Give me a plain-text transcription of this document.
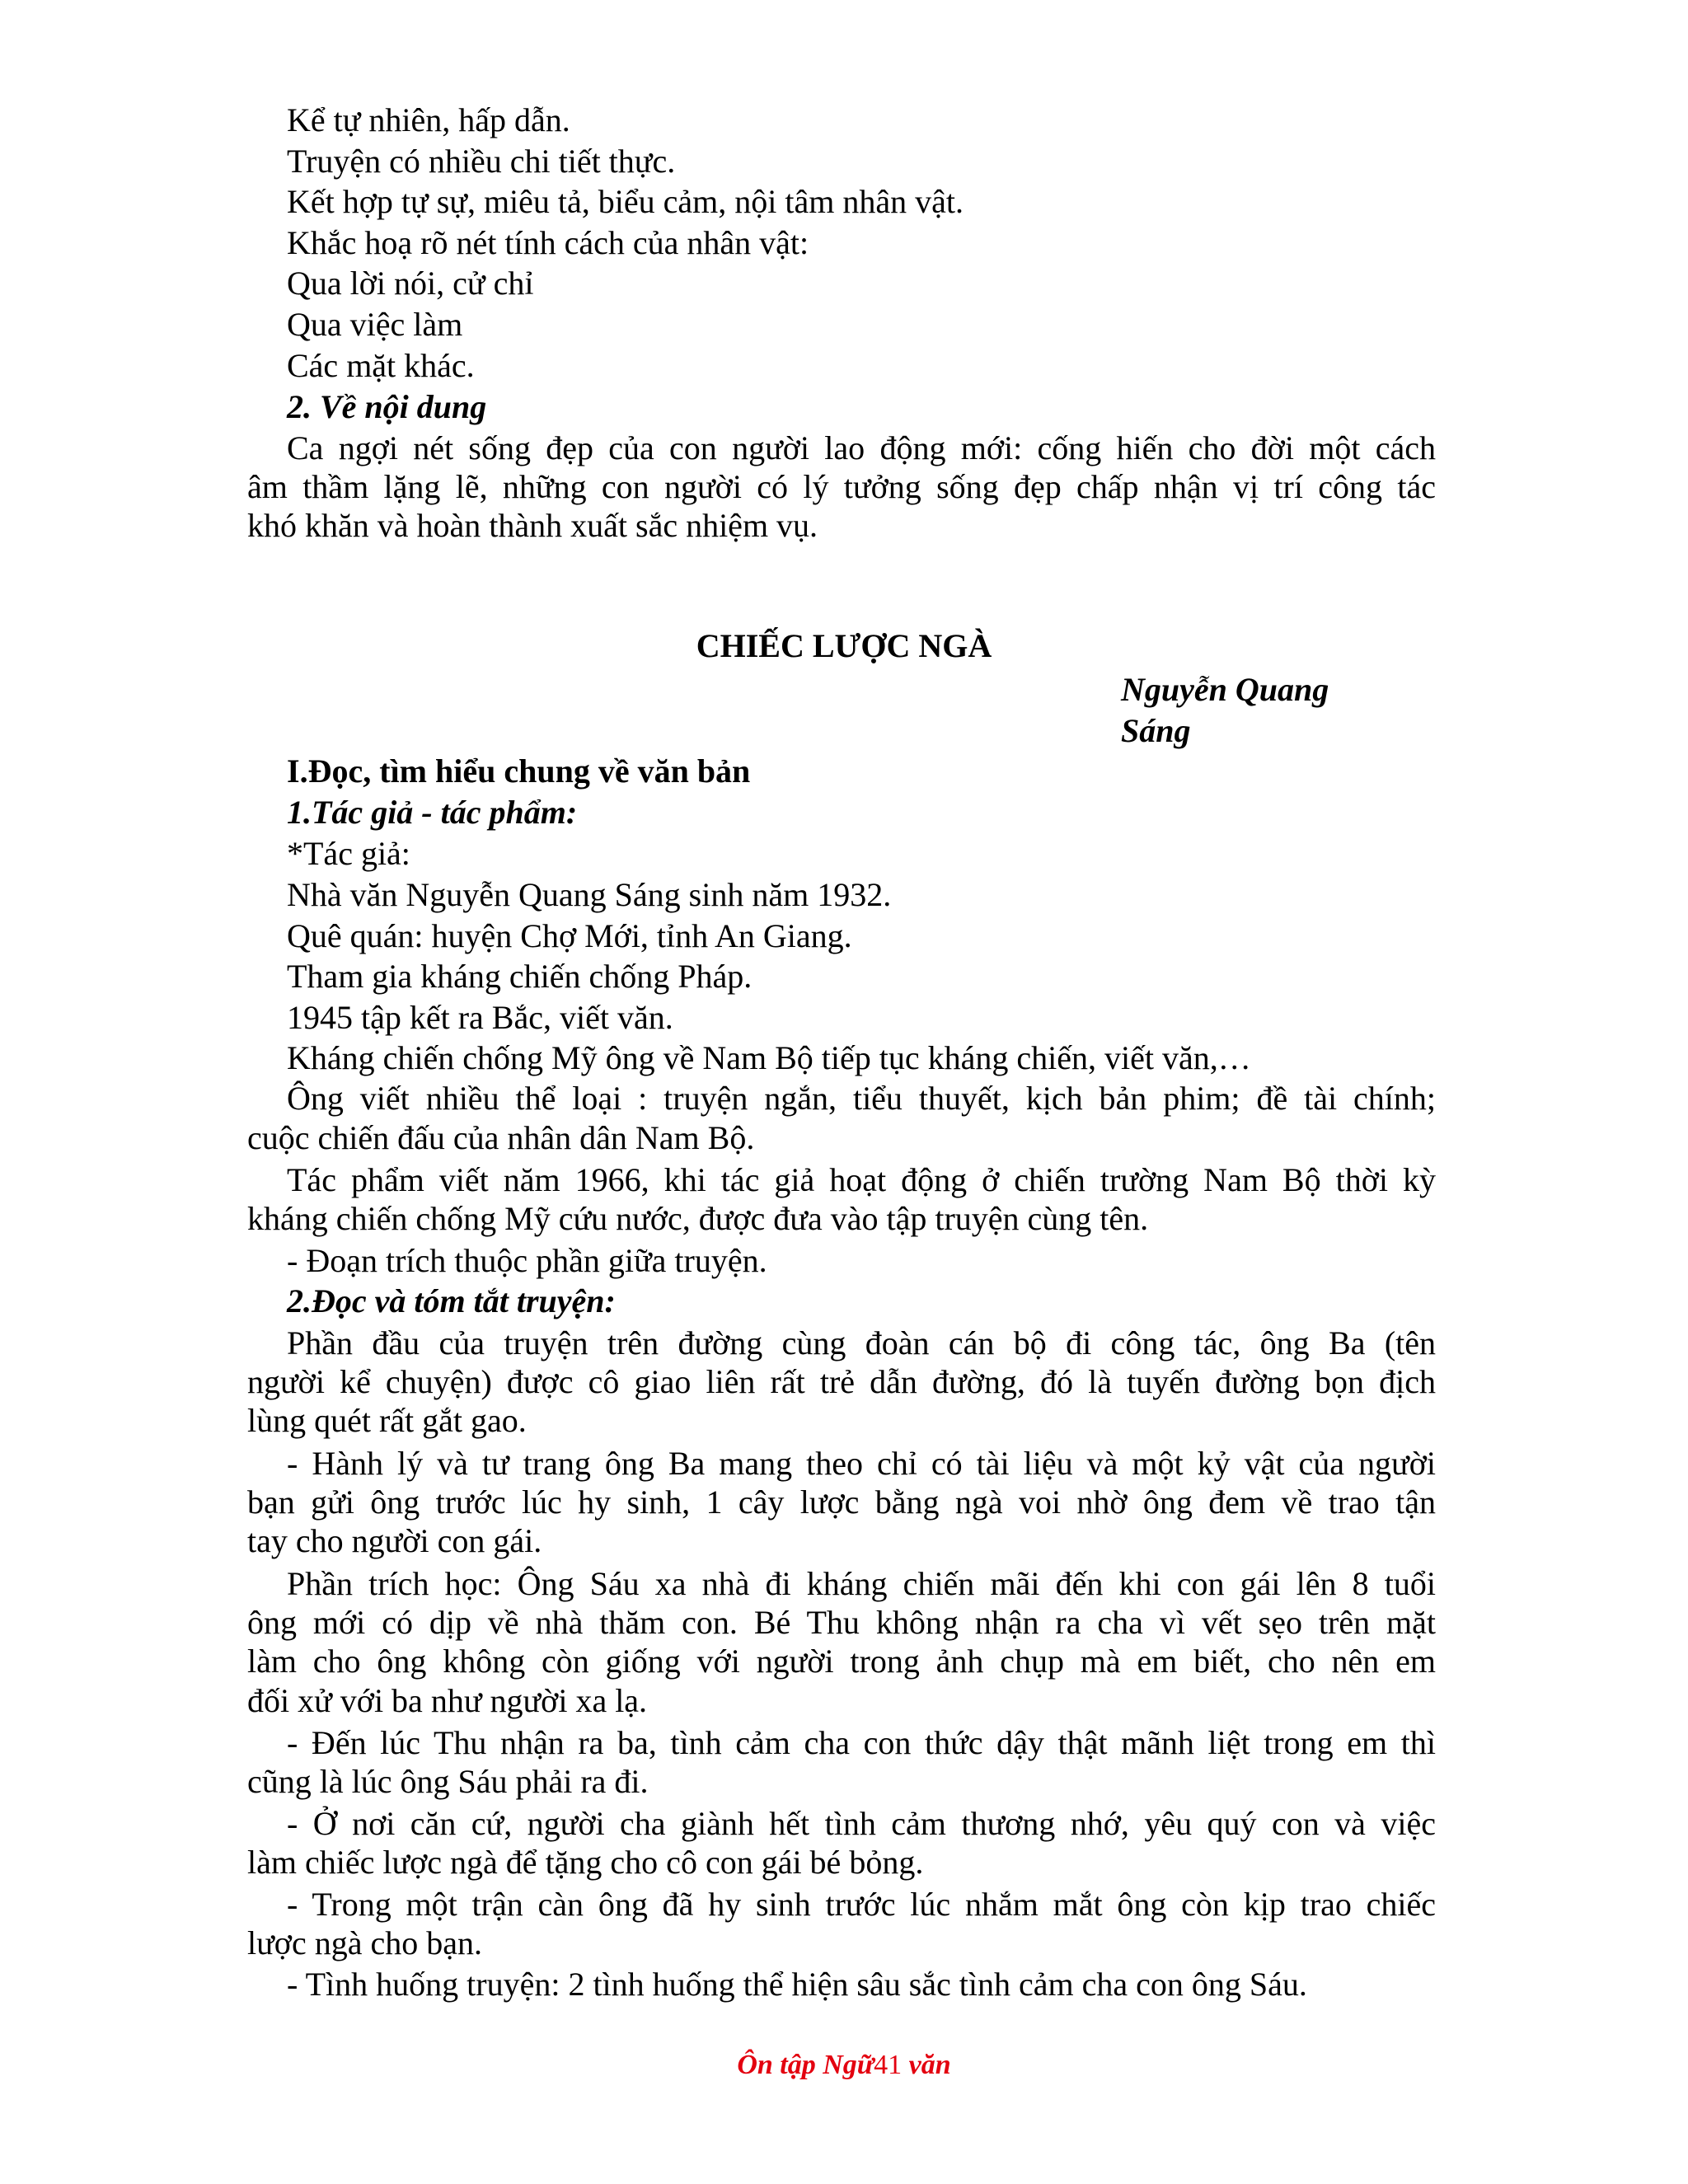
Kể tự nhiên, hấp dẫn.
Truyện có nhiều chi tiết thực.
Kết hợp tự sự, miêu tả, biểu cảm, nội tâm nhân vật.
Khắc hoạ rõ nét tính cách của nhân vật:
Qua lời nói, cử chỉ
Qua việc làm
Các mặt khác.
2. Về nội dung
Ca ngợi nét sống đẹp của con người lao động mới: cống hiến cho đời một cách
âm thầm lặng lẽ, những con người có lý tưởng sống đẹp chấp nhận vị trí công tác
khó khăn và hoàn thành xuất sắc nhiệm vụ.
CHIẾC LƯỢC NGÀ
Nguyễn Quang Sáng
I.Đọc, tìm hiểu chung về văn bản
1.Tác giả - tác phẩm:
*Tác giả:
Nhà văn Nguyễn Quang Sáng sinh năm 1932.
Quê quán: huyện Chợ Mới, tỉnh An Giang.
Tham gia kháng chiến chống Pháp.
1945 tập kết ra Bắc, viết văn.
Kháng chiến chống Mỹ ông về Nam Bộ tiếp tục kháng chiến, viết văn,…
Ông viết nhiều thể loại : truyện ngắn, tiểu thuyết, kịch bản phim; đề tài chính;
cuộc chiến đấu của nhân dân Nam Bộ.
Tác phẩm viết năm 1966, khi tác giả hoạt động ở chiến trường Nam Bộ thời kỳ
kháng chiến chống Mỹ cứu nước, được đưa vào tập truyện cùng tên.
- Đoạn trích thuộc phần giữa truyện.
2.Đọc và tóm tắt truyện:
Phần đầu của truyện trên đường cùng đoàn cán bộ đi công tác, ông Ba (tên
người kể chuyện) được cô giao liên rất trẻ dẫn đường, đó là tuyến đường bọn địch
lùng quét rất gắt gao.
- Hành lý và tư trang ông Ba mang theo chỉ có tài liệu và một kỷ vật của người
bạn gửi ông trước lúc hy sinh, 1 cây lược bằng ngà voi nhờ ông đem về trao tận
tay cho người con gái.
Phần trích học: Ông Sáu xa nhà đi kháng chiến mãi đến khi con gái lên 8 tuổi
ông mới có dịp về nhà thăm con. Bé Thu không nhận ra cha vì vết sẹo trên mặt
làm cho ông không còn giống với người trong ảnh chụp mà em biết, cho nên em
đối xử với ba như người xa lạ.
- Đến lúc Thu nhận ra ba, tình cảm cha con thức dậy thật mãnh liệt trong em thì
cũng là lúc ông Sáu phải ra đi.
- Ở nơi căn cứ, người cha giành hết tình cảm thương nhớ, yêu quý con và việc
làm chiếc lược ngà để tặng cho cô con gái bé bỏng.
- Trong một trận càn ông đã hy sinh trước lúc nhắm mắt ông còn kịp trao chiếc
lược ngà cho bạn.
- Tình huống truyện: 2 tình huống thể hiện sâu sắc tình cảm cha con ông Sáu.
Ôn tập Ngữ41 văn
